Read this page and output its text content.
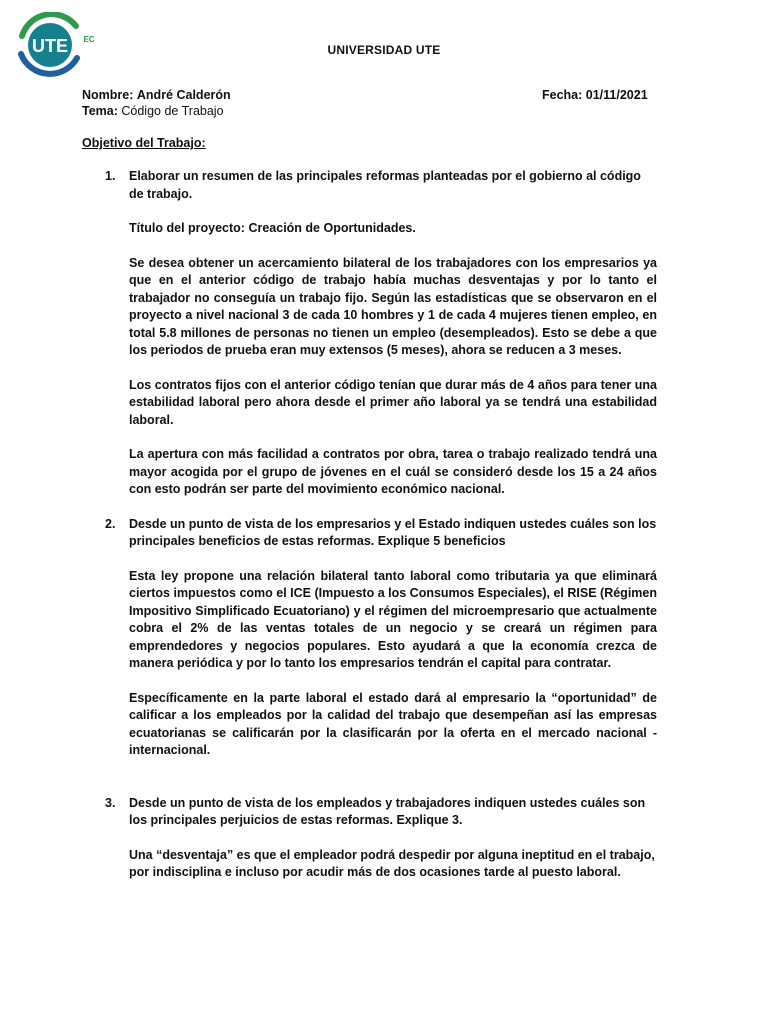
UTE EC
UNIVERSIDAD UTE
Nombre: André Calderón
Tema: Código de Trabajo
Fecha: 01/11/2021
Objetivo del Trabajo:
1. Elaborar un resumen de las principales reformas planteadas por el gobierno al código de trabajo.
Título del proyecto: Creación de Oportunidades.
Se desea obtener un acercamiento bilateral de los trabajadores con los empresarios ya que en el anterior código de trabajo había muchas desventajas y por lo tanto el trabajador no conseguía un trabajo fijo. Según las estadísticas que se observaron en el proyecto a nivel nacional 3 de cada 10 hombres y 1 de cada 4 mujeres tienen empleo, en total 5.8 millones de personas no tienen un empleo (desempleados). Esto se debe a que los periodos de prueba eran muy extensos (5 meses), ahora se reducen a 3 meses.
Los contratos fijos con el anterior código tenían que durar más de 4 años para tener una estabilidad laboral pero ahora desde el primer año laboral ya se tendrá una estabilidad laboral.
La apertura con más facilidad a contratos por obra, tarea o trabajo realizado tendrá una mayor acogida por el grupo de jóvenes en el cuál se consideró desde los 15 a 24 años con esto podrán ser parte del movimiento económico nacional.
2. Desde un punto de vista de los empresarios y el Estado indiquen ustedes cuáles son los principales beneficios de estas reformas. Explique 5 beneficios
Esta ley propone una relación bilateral tanto laboral como tributaria ya que eliminará ciertos impuestos como el ICE (Impuesto a los Consumos Especiales), el RISE (Régimen Impositivo Simplificado Ecuatoriano) y el régimen del microempresario que actualmente cobra el 2% de las ventas totales de un negocio y se creará un régimen para emprendedores y negocios populares. Esto ayudará a que la economía crezca de manera periódica y por lo tanto los empresarios tendrán el capital para contratar.
Específicamente en la parte laboral el estado dará al empresario la “oportunidad” de calificar a los empleados por la calidad del trabajo que desempeñan así las empresas ecuatorianas se calificarán por la clasificarán por la oferta en el mercado nacional - internacional.
3. Desde un punto de vista de los empleados y trabajadores indiquen ustedes cuáles son los principales perjuicios de estas reformas. Explique 3.
Una “desventaja” es que el empleador podrá despedir por alguna ineptitud en el trabajo, por indisciplina e incluso por acudir más de dos ocasiones tarde al puesto laboral.
